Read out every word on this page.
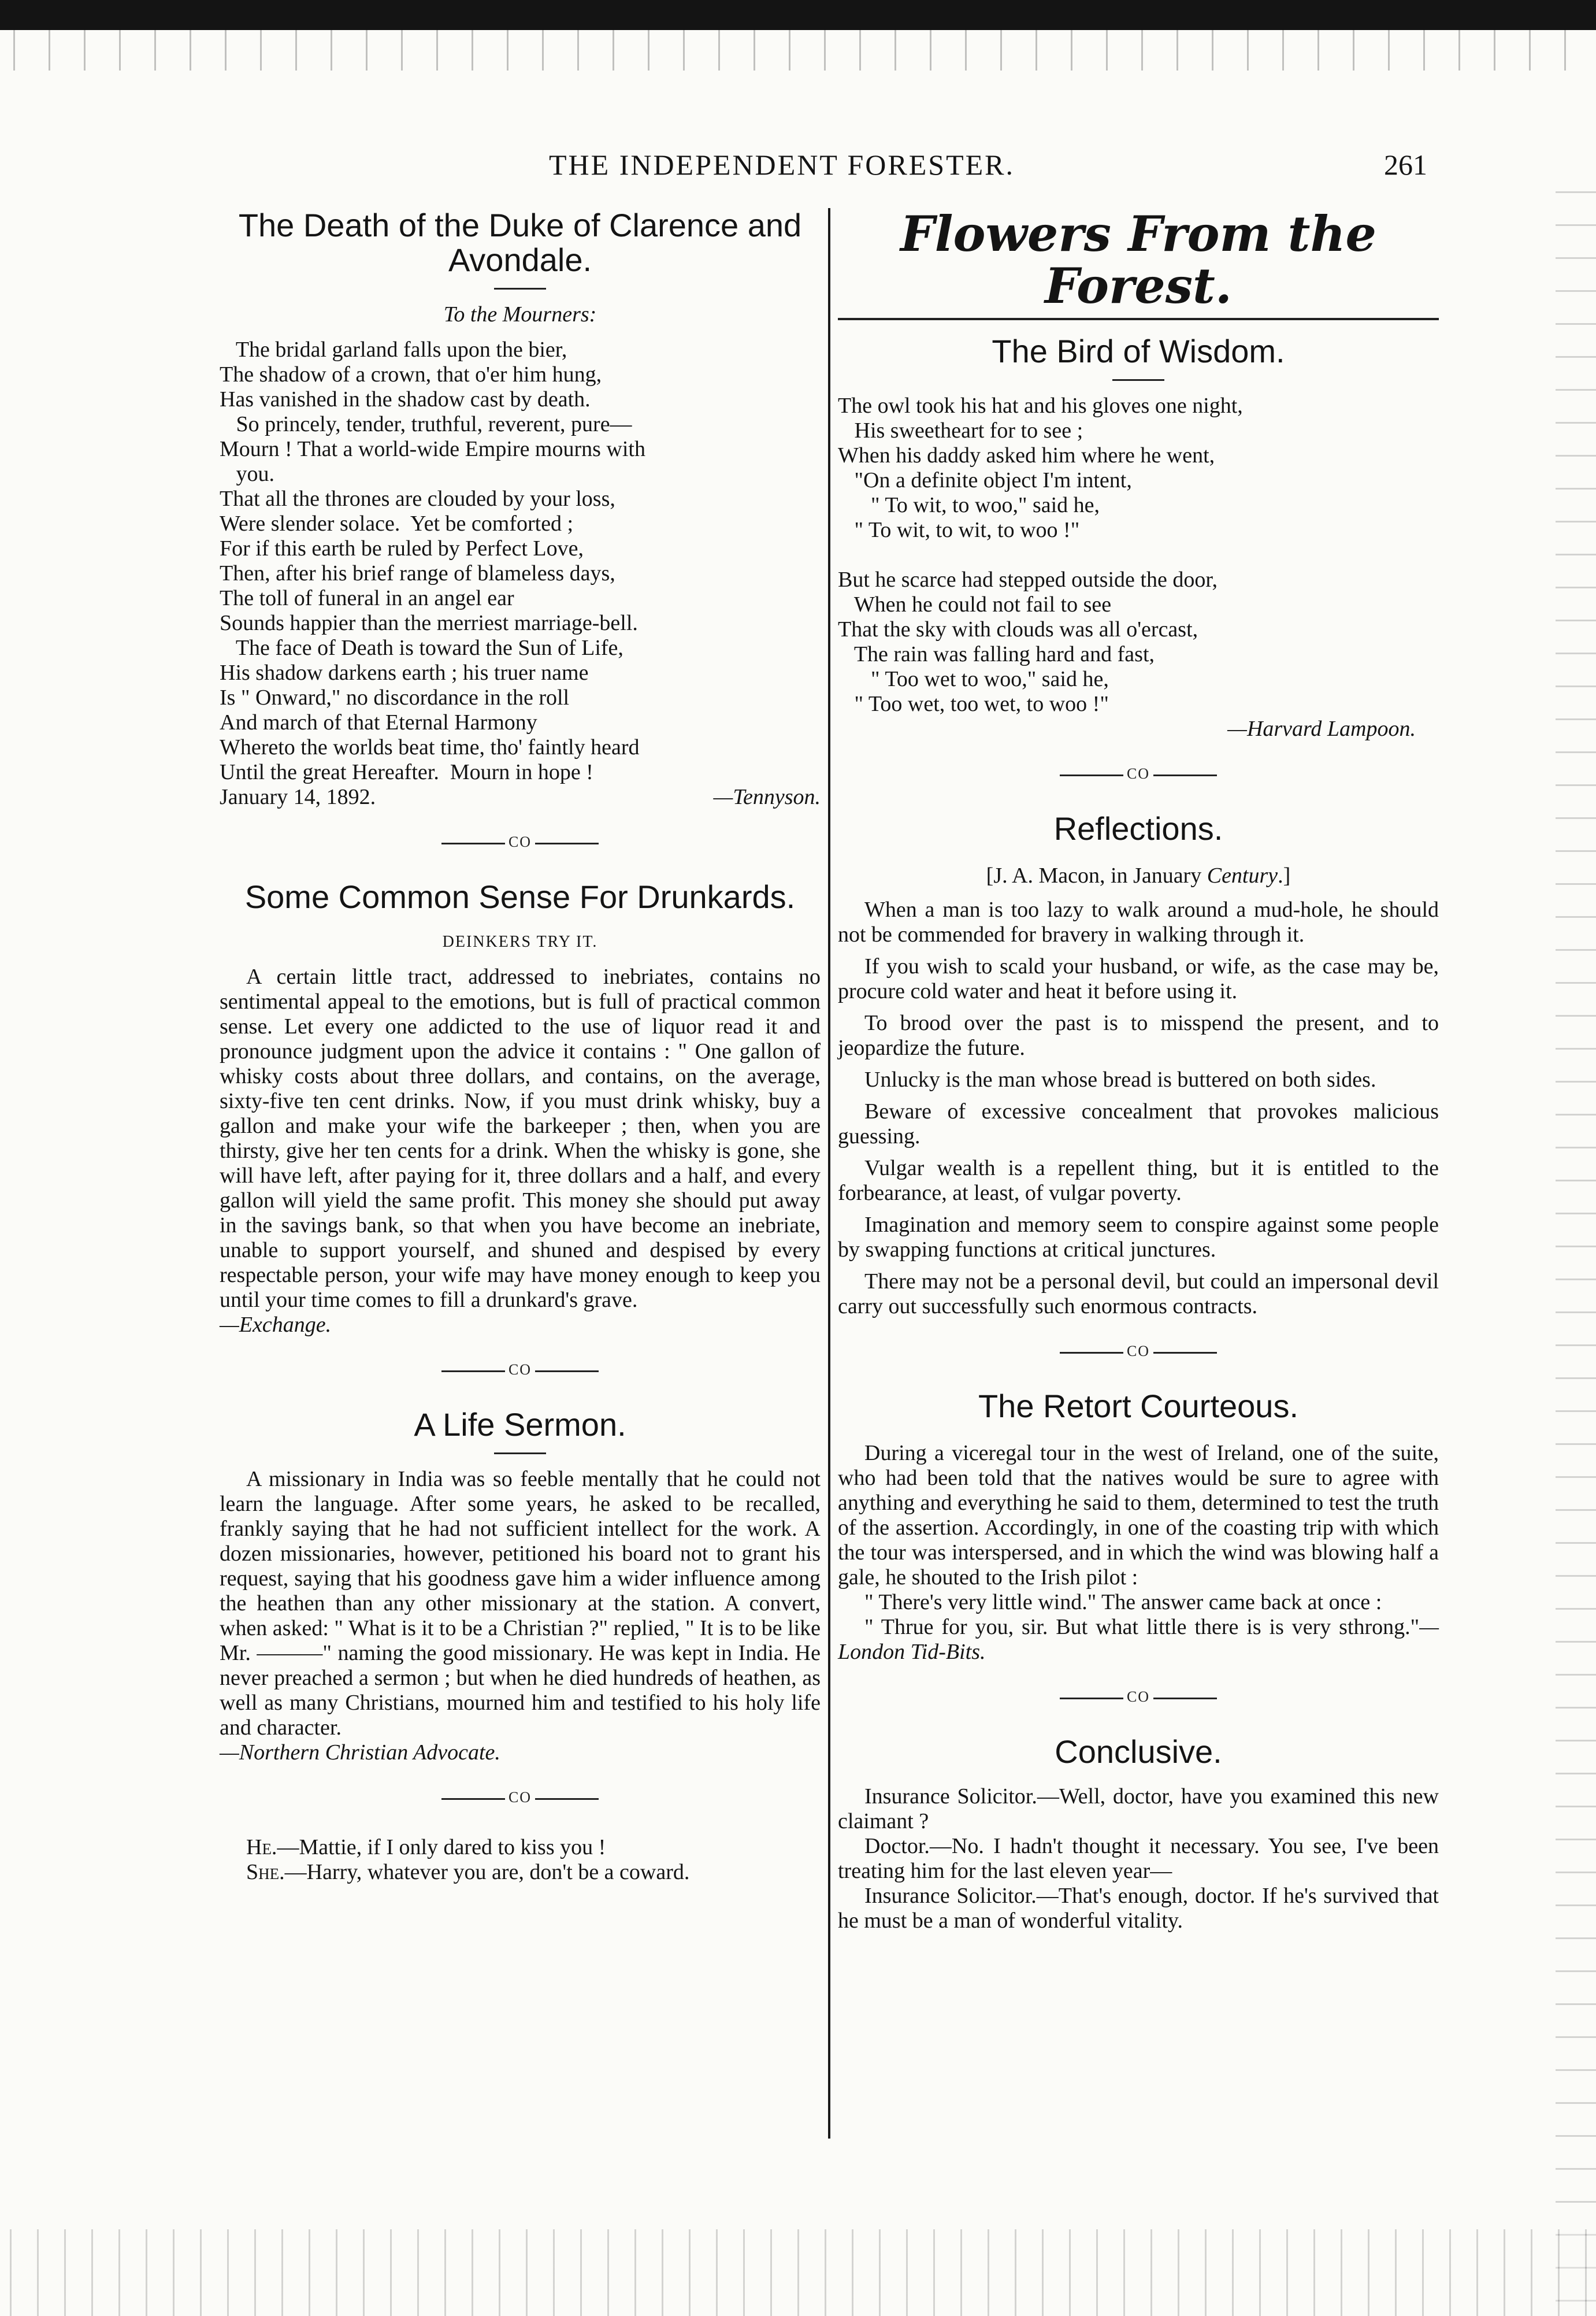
THE INDEPENDENT FORESTER.	261
The Death of the Duke of Clarence and Avondale.

To the Mourners:

The bridal garland falls upon the bier,
The shadow of a crown, that o'er him hung,
Has vanished in the shadow cast by death.
So princely, tender, truthful, reverent, pure—
Mourn ! That a world-wide Empire mourns with
you.
That all the thrones are clouded by your loss,
Were slender solace.  Yet be comforted ;
For if this earth be ruled by Perfect Love,
Then, after his brief range of blameless days,
The toll of funeral in an angel ear
Sounds happier than the merriest marriage-bell.
The face of Death is toward the Sun of Life,
His shadow darkens earth ; his truer name
Is " Onward," no discordance in the roll
And march of that Eternal Harmony
Whereto the worlds beat time, tho' faintly heard
Until the great Hereafter.  Mourn in hope !

January 14, 1892.	—Tennyson.
CO
Some Common Sense For Drunkards.

DEINKERS TRY IT.

A certain little tract, addressed to inebriates, contains no sentimental appeal to the emotions, but is full of practical common sense. Let every one addicted to the use of liquor read it and pronounce judgment upon the advice it contains : " One gallon of whisky costs about three dollars, and contains, on the average, sixty-five ten cent drinks. Now, if you must drink whisky, buy a gallon and make your wife the barkeeper ; then, when you are thirsty, give her ten cents for a drink. When the whisky is gone, she will have left, after paying for it, three dollars and a half, and every gallon will yield the same profit. This money she should put away in the savings bank, so that when you have become an inebriate, unable to support yourself, and shuned and despised by every respectable person, your wife may have money enough to keep you until your time comes to fill a drunkard's grave.

—Exchange.

CO
A Life Sermon.

A missionary in India was so feeble mentally that he could not learn the language. After some years, he asked to be recalled, frankly saying that he had not sufficient intellect for the work. A dozen missionaries, however, petitioned his board not to grant his request, saying that his goodness gave him a wider influence among the heathen than any other missionary at the station. A convert, when asked: " What is it to be a Christian ?" replied, " It is to be like Mr. ———" naming the good missionary. He was kept in India. He never preached a sermon ; but when he died hundreds of heathen, as well as many Christians, mourned him and testified to his holy life and character.

—Northern Christian Advocate.

CO

He.—Mattie, if I only dared to kiss you !

She.—Harry, whatever you are, don't be a coward.

Flowers From the Forest.
The Bird of Wisdom.

The owl took his hat and his gloves one night,
His sweetheart for to see ;
When his daddy asked him where he went,
"On a definite object I'm intent,
" To wit, to woo," said he,
" To wit, to wit, to woo !"

But he scarce had stepped outside the door,
When he could not fail to see
That the sky with clouds was all o'ercast,
The rain was falling hard and fast,
" Too wet to woo," said he,
" Too wet, too wet, to woo !"

—Harvard Lampoon.

CO
Reflections.

[J. A. Macon, in January Century.]

When a man is too lazy to walk around a mud-hole, he should not be commended for bravery in walking through it.

If you wish to scald your husband, or wife, as the case may be, procure cold water and heat it before using it.

To brood over the past is to misspend the present, and to jeopardize the future.

Unlucky is the man whose bread is buttered on both sides.

Beware of excessive concealment that provokes malicious guessing.

Vulgar wealth is a repellent thing, but it is entitled to the forbearance, at least, of vulgar poverty.

Imagination and memory seem to conspire against some people by swapping functions at critical junctures.

There may not be a personal devil, but could an impersonal devil carry out successfully such enormous contracts.

CO
The Retort Courteous.

During a viceregal tour in the west of Ireland, one of the suite, who had been told that the natives would be sure to agree with anything and everything he said to them, determined to test the truth of the assertion. Accordingly, in one of the coasting trip with which the tour was interspersed, and in which the wind was blowing half a gale, he shouted to the Irish pilot :

" There's very little wind." The answer came back at once :

" Thrue for you, sir. But what little there is is very sthrong."—London Tid-Bits.

CO
Conclusive.

Insurance Solicitor.—Well, doctor, have you examined this new claimant ?

Doctor.—No. I hadn't thought it necessary. You see, I've been treating him for the last eleven year—

Insurance Solicitor.—That's enough, doctor. If he's survived that he must be a man of wonderful vitality.
